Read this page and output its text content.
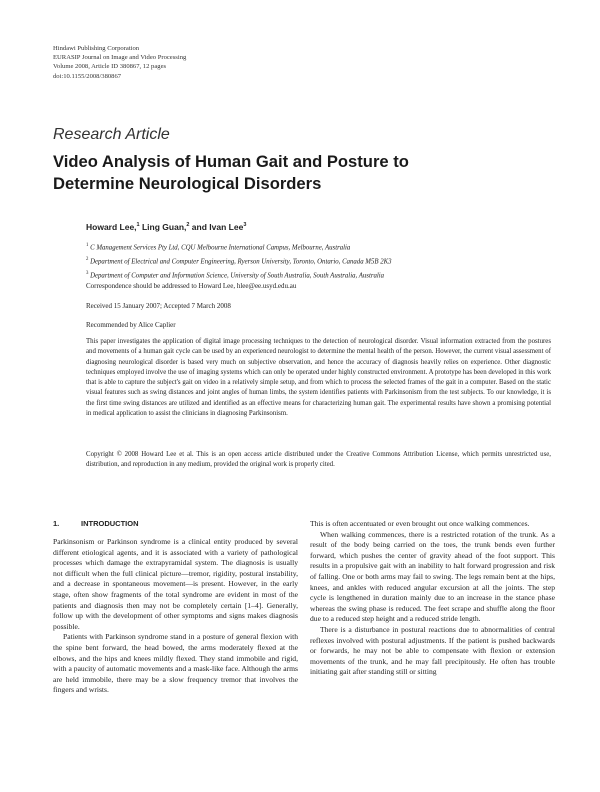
Hindawi Publishing Corporation
EURASIP Journal on Image and Video Processing
Volume 2008, Article ID 380867, 12 pages
doi:10.1155/2008/380867
Research Article
Video Analysis of Human Gait and Posture to
Determine Neurological Disorders
Howard Lee,$^1$ Ling Guan,$^2$ and Ivan Lee$^3$
$^1$ C Management Services Pty Ltd, CQU Melbourne International Campus, Melbourne, Australia
$^2$ Department of Electrical and Computer Engineering, Ryerson University, Toronto, Ontario, Canada M5B 2K3
$^3$ Department of Computer and Information Science, University of South Australia, South Australia, Australia
Correspondence should be addressed to Howard Lee, hlee@ee.usyd.edu.au
Received 15 January 2007; Accepted 7 March 2008
Recommended by Alice Caplier
This paper investigates the application of digital image processing techniques to the detection of neurological disorder. Visual information extracted from the postures and movements of a human gait cycle can be used by an experienced neurologist to determine the mental health of the person. However, the current visual assessment of diagnosing neurological disorder is based very much on subjective observation, and hence the accuracy of diagnosis heavily relies on experience. Other diagnostic techniques employed involve the use of imaging systems which can only be operated under highly constructed environment. A prototype has been developed in this work that is able to capture the subject's gait on video in a relatively simple setup, and from which to process the selected frames of the gait in a computer. Based on the static visual features such as swing distances and joint angles of human limbs, the system identifies patients with Parkinsonism from the test subjects. To our knowledge, it is the first time swing distances are utilized and identified as an effective means for characterizing human gait. The experimental results have shown a promising potential in medical application to assist the clinicians in diagnosing Parkinsonism.
Copyright © 2008 Howard Lee et al. This is an open access article distributed under the Creative Commons Attribution License, which permits unrestricted use, distribution, and reproduction in any medium, provided the original work is properly cited.
1.	INTRODUCTION

Parkinsonism or Parkinson syndrome is a clinical entity produced by several different etiological agents, and it is associated with a variety of pathological processes which damage the extrapyramidal system. The diagnosis is usually not difficult when the full clinical picture—tremor, rigidity, postural instability, and a decrease in spontaneous movement—is present. However, in the early stage, often show fragments of the total syndrome are evident in most of the patients and diagnosis then may not be completely certain [1–4]. Generally, follow up with the development of other symptoms and signs makes diagnosis possible.

Patients with Parkinson syndrome stand in a posture of general flexion with the spine bent forward, the head bowed, the arms moderately flexed at the elbows, and the hips and knees mildly flexed. They stand immobile and rigid, with a paucity of automatic movements and a mask-like face. Although the arms are held immobile, there may be a slow frequency tremor that involves the fingers and wrists.

This is often accentuated or even brought out once walking commences.

When walking commences, there is a restricted rotation of the trunk. As a result of the body being carried on the toes, the trunk bends even further forward, which pushes the center of gravity ahead of the foot support. This results in a propulsive gait with an inability to halt forward progression and risk of falling. One or both arms may fail to swing. The legs remain bent at the hips, knees, and ankles with reduced angular excursion at all the joints. The step cycle is lengthened in duration mainly due to an increase in the stance phase whereas the swing phase is reduced. The feet scrape and shuffle along the floor due to a reduced step height and a reduced stride length.

There is a disturbance in postural reactions due to abnormalities of central reflexes involved with postural adjustments. If the patient is pushed backwards or forwards, he may not be able to compensate with flexion or extension movements of the trunk, and he may fall precipitously. He often has trouble initiating gait after standing still or sitting
